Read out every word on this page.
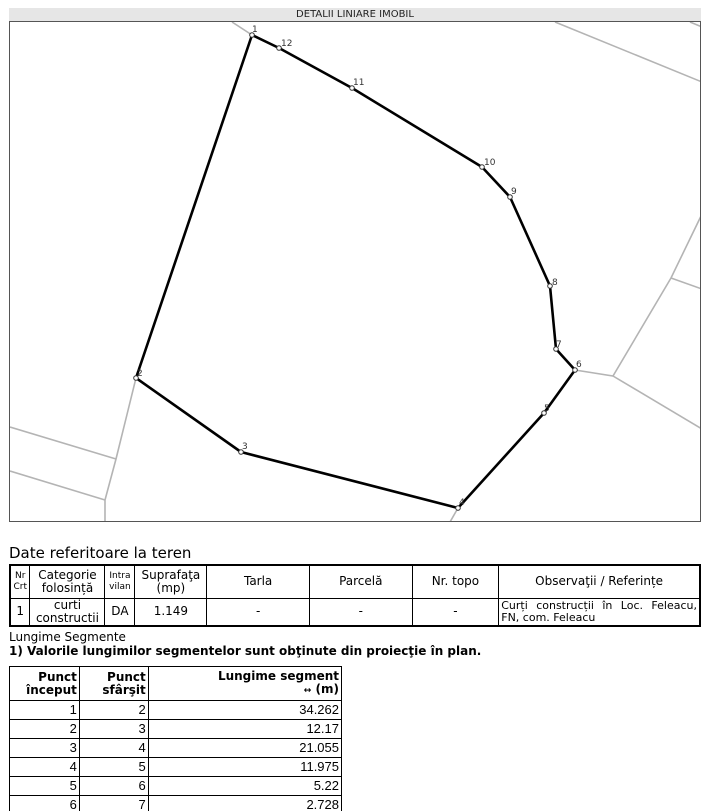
DETALII LINIARE IMOBIL
1
12
11
10
9
8
7
6
5
4
3
2
Date referitoare la teren
Nr Crt	Categorie folosință	Intra vilan	Suprafaţa (mp)	Tarla	Parcelă	Nr. topo	Observaţii / Referințe
1	curti constructii	DA	1.149	-	-	-	Curți construcții în Loc. Feleacu, FN, com. Feleacu
Lungime Segmente
1) Valorile lungimilor segmentelor sunt obţinute din proiecţie în plan.
Punct început	Punct sfârşit	Lungime segment
↔ (m)
1	2	34.262
2	3	12.17
3	4	21.055
4	5	11.975
5	6	5.22
6	7	2.728
